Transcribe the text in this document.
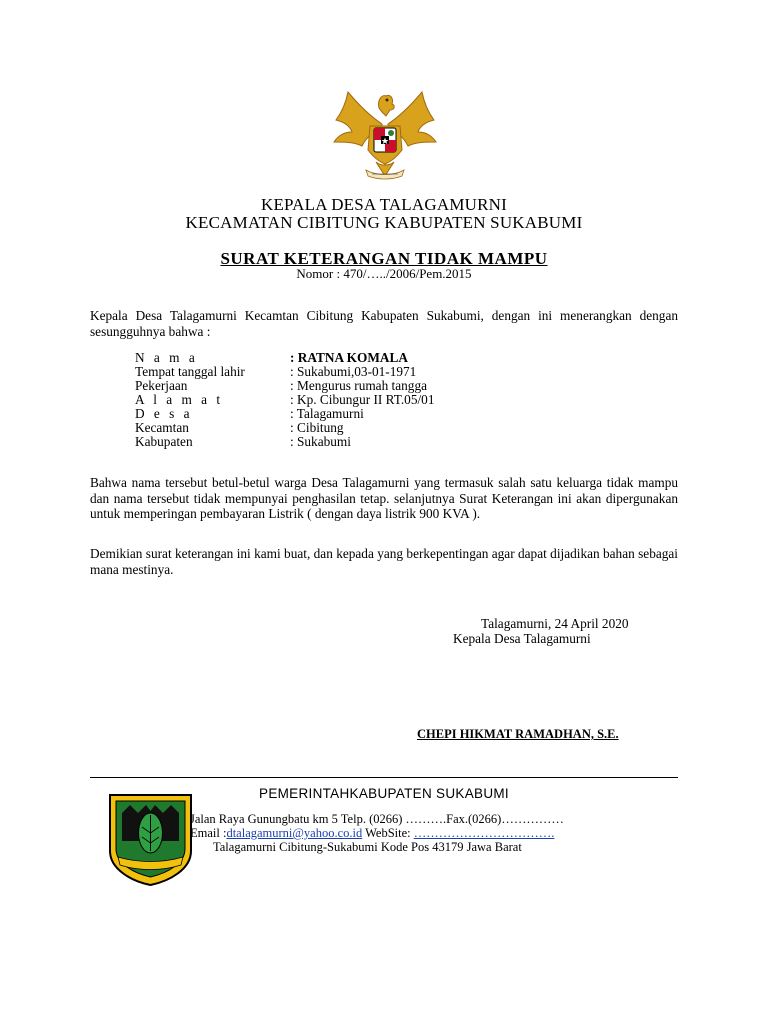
KEPALA DESA TALAGAMURNI
KECAMATAN CIBITUNG KABUPATEN SUKABUMI
SURAT KETERANGAN TIDAK MAMPU
Nomor : 470/…../2006/Pem.2015
Kepala Desa Talagamurni Kecamtan Cibitung Kabupaten Sukabumi, dengan ini menerangkan dengan sesungguhnya bahwa :
N a m a	: RATNA KOMALA
Tempat tanggal lahir	: Sukabumi,03-01-1971
Pekerjaan	: Mengurus rumah tangga
A l a m a t	: Kp. Cibungur II RT.05/01
D e s a	: Talagamurni
Kecamtan	: Cibitung
Kabupaten	: Sukabumi
Bahwa nama tersebut betul-betul warga Desa Talagamurni yang termasuk salah satu keluarga tidak mampu dan nama tersebut tidak mempunyai penghasilan tetap. selanjutnya Surat Keterangan ini akan dipergunakan untuk memperingan pembayaran Listrik ( dengan daya listrik 900 KVA ).
Demikian surat keterangan ini kami buat, dan kepada yang berkepentingan agar dapat dijadikan bahan sebagai mana mestinya.
Talagamurni, 24 April 2020
Kepala Desa Talagamurni
CHEPI HIKMAT RAMADHAN, S.E.
PEMERINTAHKABUPATEN SUKABUMI
Jalan Raya Gunungbatu km 5 Telp. (0266) ……….Fax.(0266)……………
Email :dtalagamurni@yahoo.co.id WebSite: …………………………….
Talagamurni Cibitung-Sukabumi Kode Pos 43179 Jawa Barat
